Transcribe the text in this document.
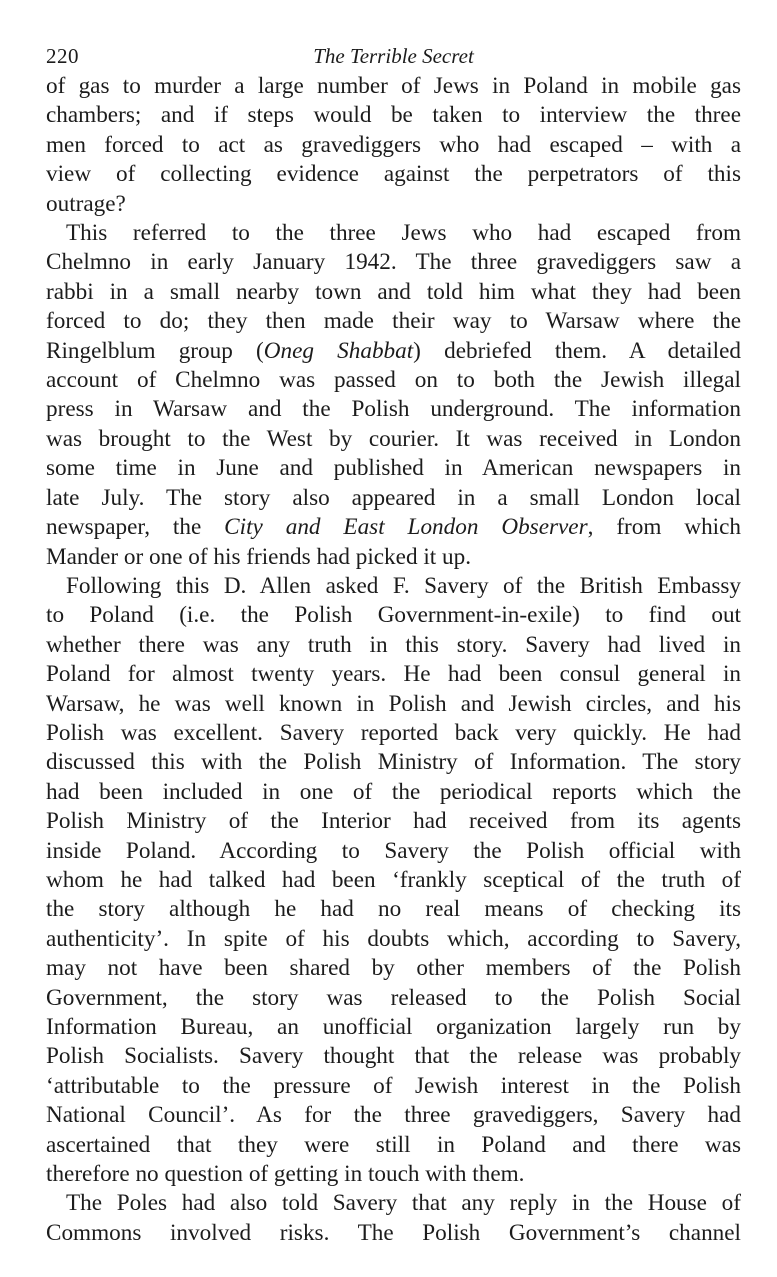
220	The Terrible Secret
of gas to murder a large number of Jews in Poland in mobile gas
chambers; and if steps would be taken to interview the three
men forced to act as gravediggers who had escaped – with a
view of collecting evidence against the perpetrators of this
outrage?
This referred to the three Jews who had escaped from
Chelmno in early January 1942. The three gravediggers saw a
rabbi in a small nearby town and told him what they had been
forced to do; they then made their way to Warsaw where the
Ringelblum group (Oneg Shabbat) debriefed them. A detailed
account of Chelmno was passed on to both the Jewish illegal
press in Warsaw and the Polish underground. The information
was brought to the West by courier. It was received in London
some time in June and published in American newspapers in
late July. The story also appeared in a small London local
newspaper, the City and East London Observer, from which
Mander or one of his friends had picked it up.
Following this D. Allen asked F. Savery of the British Embassy
to Poland (i.e. the Polish Government-in-exile) to find out
whether there was any truth in this story. Savery had lived in
Poland for almost twenty years. He had been consul general in
Warsaw, he was well known in Polish and Jewish circles, and his
Polish was excellent. Savery reported back very quickly. He had
discussed this with the Polish Ministry of Information. The story
had been included in one of the periodical reports which the
Polish Ministry of the Interior had received from its agents
inside Poland. According to Savery the Polish official with
whom he had talked had been ‘frankly sceptical of the truth of
the story although he had no real means of checking its
authenticity’. In spite of his doubts which, according to Savery,
may not have been shared by other members of the Polish
Government, the story was released to the Polish Social
Information Bureau, an unofficial organization largely run by
Polish Socialists. Savery thought that the release was probably
‘attributable to the pressure of Jewish interest in the Polish
National Council’. As for the three gravediggers, Savery had
ascertained that they were still in Poland and there was
therefore no question of getting in touch with them.
The Poles had also told Savery that any reply in the House of
Commons involved risks. The Polish Government’s channel
